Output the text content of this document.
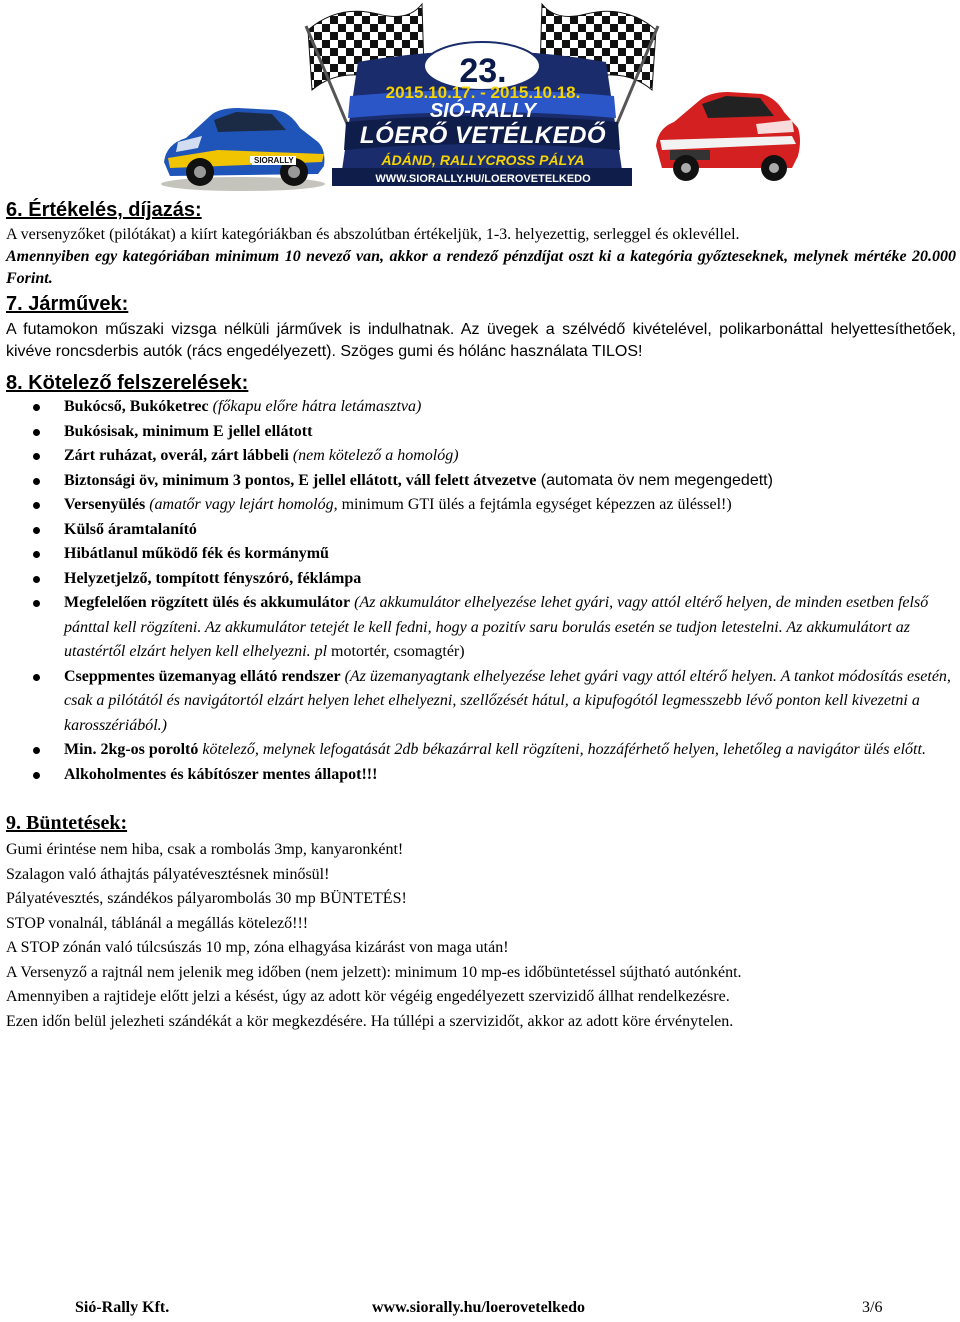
SIORALLY
23.
2015.10.17. - 2015.10.18.
SIÓ-RALLY
LÓERŐ VETÉLKEDŐ
ÁDÁND, RALLYCROSS PÁLYA
WWW.SIORALLY.HU/LOEROVETELKEDO
6. Értékelés, díjazás:

A versenyzőket (pilótákat) a kiírt kategóriákban és abszolútban értékeljük, 1-3. helyezettig, serleggel és oklevéllel.

Amennyiben egy kategóriában minimum 10 nevező van, akkor a rendező pénzdíjat oszt ki a kategória győzteseknek, melynek mértéke 20.000 Forint.

7. Járművek:

A futamokon műszaki vizsga nélküli járművek is indulhatnak. Az üvegek a szélvédő kivételével, polikarbonáttal helyettesíthetőek, kivéve roncsderbis autók (rács engedélyezett). Szöges gumi és hólánc használata TILOS!

8. Kötelező felszerelések:
Bukócső, Bukóketrec (főkapu előre hátra letámasztva)
Bukósisak, minimum E jellel ellátott
Zárt ruházat, overál, zárt lábbeli (nem kötelező a homológ)
Biztonsági öv, minimum 3 pontos, E jellel ellátott, váll felett átvezetve (automata öv nem megengedett)
Versenyülés (amatőr vagy lejárt homológ, minimum GTI ülés a fejtámla egységet képezzen az üléssel!)
Külső áramtalanító
Hibátlanul működő fék és kormánymű
Helyzetjelző, tompított fényszóró, féklámpa
Megfelelően rögzített ülés és akkumulátor (Az akkumulátor elhelyezése lehet gyári, vagy attól eltérő helyen, de minden esetben felső pánttal kell rögzíteni. Az akkumulátor tetejét le kell fedni, hogy a pozitív saru borulás esetén se tudjon letestelni. Az akkumulátort az utastértől elzárt helyen kell elhelyezni. pl motortér, csomagtér)
Cseppmentes üzemanyag ellátó rendszer (Az üzemanyagtank elhelyezése lehet gyári vagy attól eltérő helyen. A tankot módosítás esetén, csak a pilótától és navigátortól elzárt helyen lehet elhelyezni, szellőzését hátul, a kipufogótól legmesszebb lévő ponton kell kivezetni a karosszériából.)
Min. 2kg-os poroltó kötelező, melynek lefogatását 2db békazárral kell rögzíteni, hozzáférhető helyen, lehetőleg a navigátor ülés előtt.
Alkoholmentes és kábítószer mentes állapot!!!
9. Büntetések:

Gumi érintése nem hiba, csak a rombolás 3mp, kanyaronként!

Szalagon való áthajtás pályatévesztésnek minősül!

Pályatévesztés, szándékos pályarombolás 30 mp BÜNTETÉS!

STOP vonalnál, táblánál a megállás kötelező!!!

A STOP zónán való túlcsúszás 10 mp, zóna elhagyása kizárást von maga után!

A Versenyző a rajtnál nem jelenik meg időben (nem jelzett): minimum 10 mp-es időbüntetéssel sújtható autónként.

Amennyiben a rajtideje előtt jelzi a késést, úgy az adott kör végéig engedélyezett szervizidő állhat rendelkezésre.

Ezen időn belül jelezheti szándékát a kör megkezdésére. Ha túllépi a szervizidőt, akkor az adott köre érvénytelen.

Sió-Rally Kft.	www.siorally.hu/loerovetelkedo	3/6
